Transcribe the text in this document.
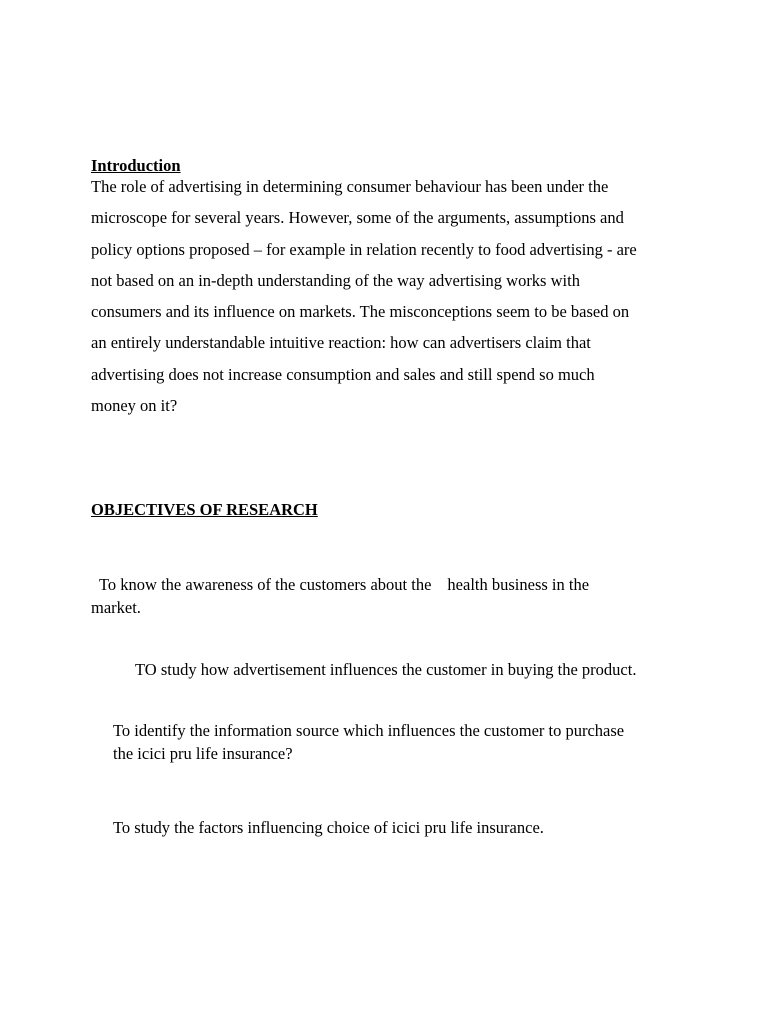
Introduction
The role of advertising in determining consumer behaviour has been under the
microscope for several years. However, some of the arguments, assumptions and
policy options proposed – for example in relation recently to food advertising - are
not based on an in-depth understanding of the way advertising works with
consumers and its influence on markets. The misconceptions seem to be based on
an entirely understandable intuitive reaction: how can advertisers claim that
advertising does not increase consumption and sales and still spend so much
money on it?
OBJECTIVES OF RESEARCH

To know the awareness of the customers about the health business in the
market.

TO study how advertisement influences the customer in buying the product.

To identify the information source which influences the customer to purchase
the icici pru life insurance?

To study the factors influencing choice of icici pru life insurance.
